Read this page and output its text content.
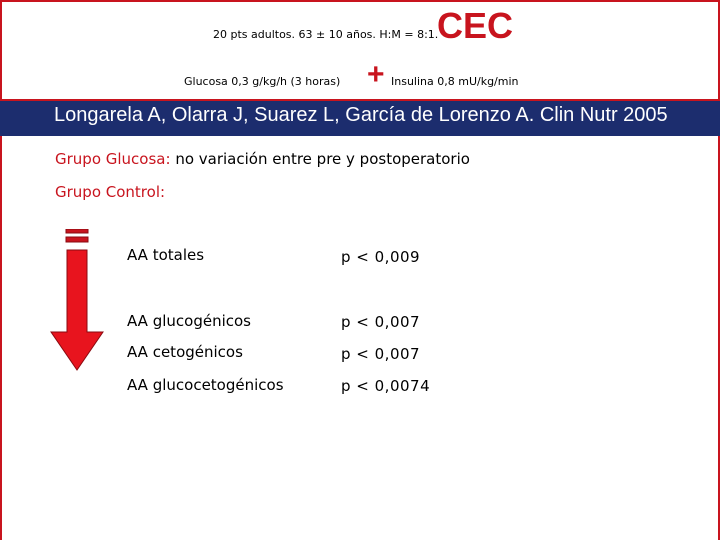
20 pts adultos. 63 ± 10 años. H:M = 8:1.
CEC
Glucosa 0,3 g/kg/h (3 horas) + Insulina 0,8 mU/kg/min
Longarela A, Olarra J, Suarez L, García de Lorenzo A. Clin Nutr 2005
Grupo Glucosa: no variación entre pre y postoperatorio
Grupo Control:
AA totales	p < 0,009
AA glucogénicos	p < 0,007
AA cetogénicos	p < 0,007
AA glucocetogénicos	p < 0,0074
